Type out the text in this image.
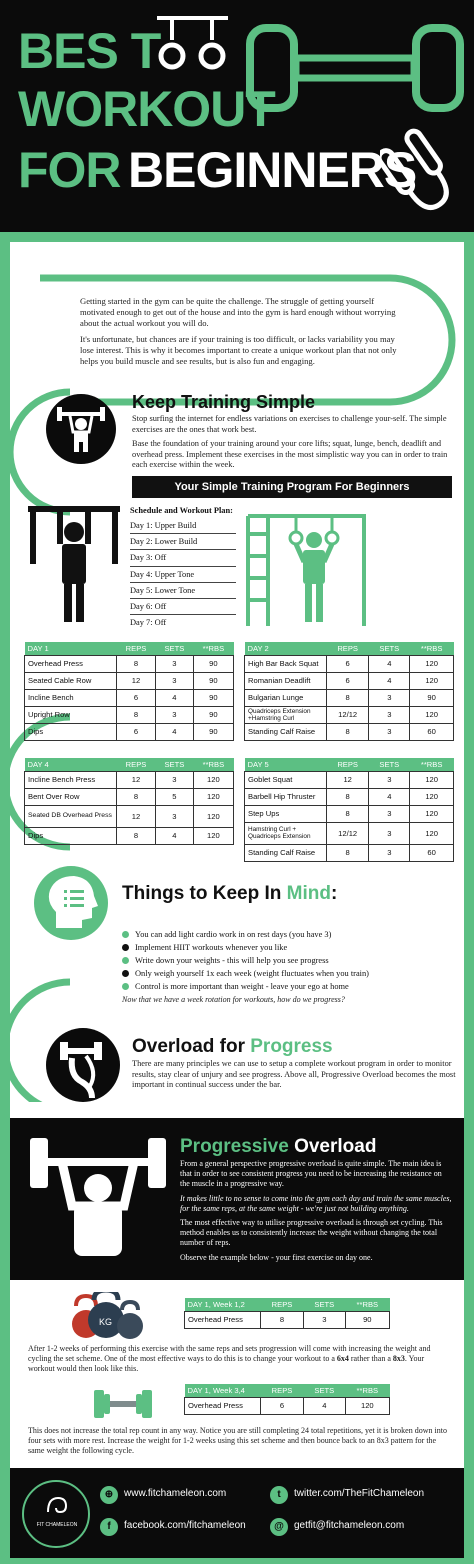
BES T
WORKOUT
FOR BEGINNERS

Getting started in the gym can be quite the challenge. The struggle of getting yourself motivated enough to get out of the house and into the gym is hard enough without worrying about the actual workout you will do.

It's unfortunate, but chances are if your training is too difficult, or lacks variability you may lose interest. This is why it becomes important to create a unique workout plan that not only helps you build muscle and see results, but is also fun and engaging.

Keep Training Simple

Stop surfing the internet for endless variations on exercises to challenge your-self. The simple exercises are the ones that work best.

Base the foundation of your training around your core lifts; squat, lunge, bench, deadlift and overhead press. Implement these exercises in the most simplistic way you can in order to train each exercise within the week.

Your Simple Training Program For Beginners
Schedule and Workout Plan:
Day 1: Upper Build
Day 2: Lower Build
Day 3: Off
Day 4: Upper Tone
Day 5: Lower Tone
Day 6: Off
Day 7: Off
DAY 1	REPS	SETS	**RBS
Overhead Press	8	3	90
Seated Cable Row	12	3	90
Incline Bench	6	4	90
Upright Row	8	3	90
Dips	6	4	90
DAY 2	REPS	SETS	**RBS
High Bar Back Squat	6	4	120
Romanian Deadlift	6	4	120
Bulgarian Lunge	8	3	90
Quadriceps Extension +Hamstring Curl	12/12	3	120
Standing Calf Raise	8	3	60
DAY 4	REPS	SETS	**RBS
Incline Bench Press	12	3	120
Bent Over Row	8	5	120
Seated DB Overhead Press	12	3	120
Dips	8	4	120
DAY 5	REPS	SETS	**RBS
Goblet Squat	12	3	120
Barbell Hip Thruster	8	4	120
Step Ups	8	3	120
Hamstring Curl + Quadriceps Extension	12/12	3	120
Standing Calf Raise	8	3	60
Things to Keep In Mind:
You can add light cardio work in on rest days (you have 3)
Implement HIIT workouts whenever you like
Write down your weights - this will help you see progress
Only weigh yourself 1x each week (weight fluctuates when you train)
Control is more important than weight - leave your ego at home
Now that we have a week rotation for workouts, how do we progress?
Overload for Progress
There are many principles we can use to setup a complete workout program in order to monitor results, stay clear of unjury and see progress. Above all, Progressive Overload becomes the most important in continual success under the bar.
Progressive Overload

From a general perspective progressive overload is quite simple. The main idea is that in order to see consistent progress you need to be increasing the resistance on the muscle in a progressive way.

It makes little to no sense to come into the gym each day and train the same muscles, for the same reps, at the same weight - we're just not building anything.

The most effective way to utilise progressive overload is through set cycling. This method enables us to consistently increase the weight without changing the total number of reps.

Observe the example below - your first exercise on day one.

KG
DAY 1, Week 1,2	REPS	SETS	**RBS
Overhead Press	8	3	90
After 1-2 weeks of performing this exercise with the same reps and sets progression will come with increasing the weight and cycling the set scheme. One of the most effective ways to do this is to change your workout to a 6x4 rather than a 8x3. Your workout would then look like this.
DAY 1, Week 3,4	REPS	SETS	**RBS
Overhead Press	6	4	120
This does not increase the total rep count in any way. Notice you are still completing 24 total repetitions, yet it is broken down into four sets with more rest. Increase the weight for 1-2 weeks using this set scheme and then bounce back to an 8x3 pattern for the same weight the following cycle.
FIT CHAMELEON
⊕	www.fitchameleon.com	t	twitter.com/TheFitChameleon
f	facebook.com/fitchameleon	@	getfit@fitchameleon.com
